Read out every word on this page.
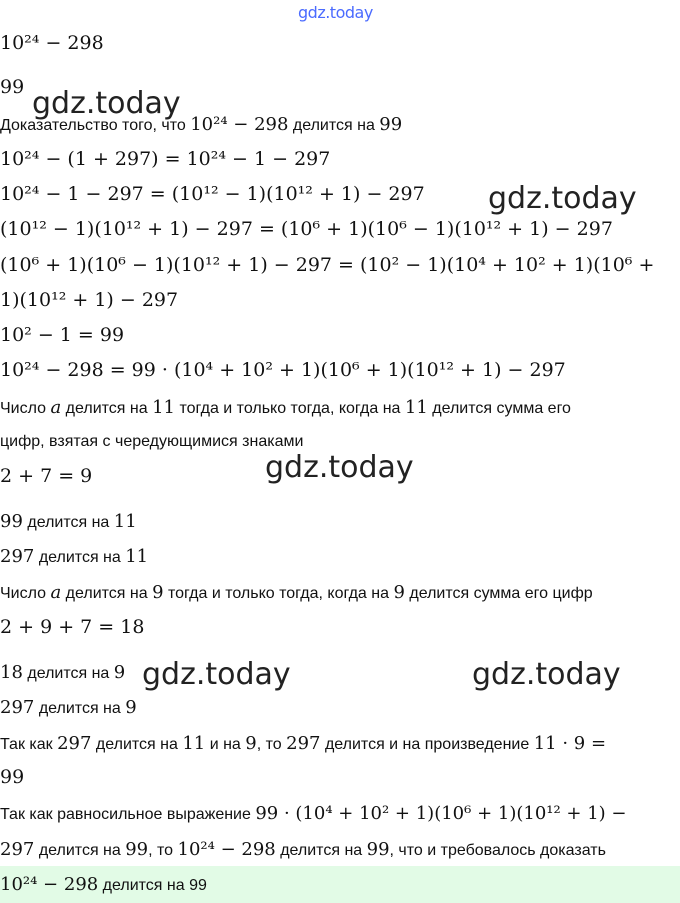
gdz.today
gdz.today
gdz.today
gdz.today
gdz.today	gdz.today
10²⁴ − 298
99
Доказательство того, что 10²⁴ − 298 делится на 99
10²⁴ − (1 + 297) = 10²⁴ − 1 − 297
10²⁴ − 1 − 297 = (10¹² − 1)(10¹² + 1) − 297
(10¹² − 1)(10¹² + 1) − 297 = (10⁶ + 1)(10⁶ − 1)(10¹² + 1) − 297
(10⁶ + 1)(10⁶ − 1)(10¹² + 1) − 297 = (10² − 1)(10⁴ + 10² + 1)(10⁶ +
1)(10¹² + 1) − 297
10² − 1 = 99
10²⁴ − 298 = 99 · (10⁴ + 10² + 1)(10⁶ + 1)(10¹² + 1) − 297
Число a делится на 11 тогда и только тогда, когда на 11 делится сумма его
цифр, взятая с чередующимися знаками
2 + 7 = 9
99 делится на 11
297 делится на 11
Число a делится на 9 тогда и только тогда, когда на 9 делится сумма его цифр
2 + 9 + 7 = 18
18 делится на 9
297 делится на 9
Так как 297 делится на 11 и на 9, то 297 делится и на произведение 11 · 9 =
99
Так как равносильное выражение 99 · (10⁴ + 10² + 1)(10⁶ + 1)(10¹² + 1) −
297 делится на 99, то 10²⁴ − 298 делится на 99, что и требовалось доказать
10²⁴ − 298 делится на 99
